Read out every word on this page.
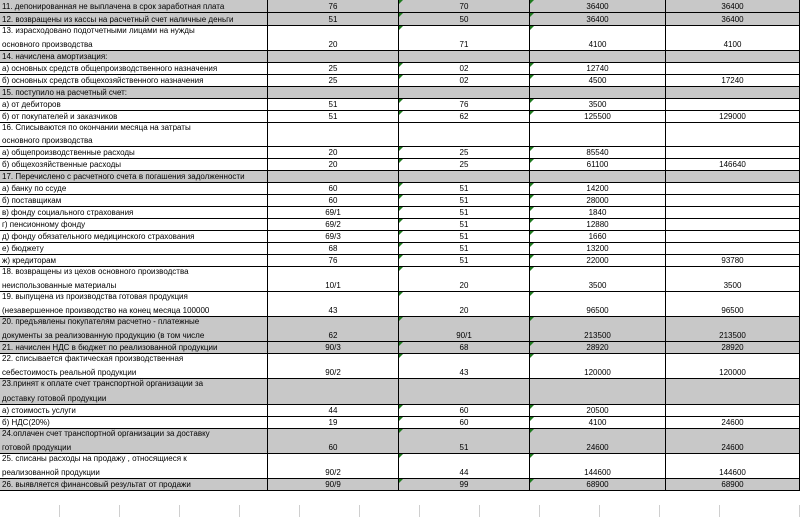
11. депонированная не выплачена в срок заработная плата	76	70	36400	36400
12. возвращены из кассы на расчетный счет наличные деньги	51	50	36400	36400
13. израсходовано подотчетными лицами на нужды
основного производства	20	71	4100	4100
14. начислена амортизация:
а) основных средств общепроизводственного назначения	25	02	12740
б) основных средств общехозяйственного назначения	25	02	4500	17240
15. поступило на расчетный счет:
а) от дебиторов	51	76	3500
б) от покупателей и заказчиков	51	62	125500	129000
16. Списываются по окончании месяца на затраты
основного производства
а) общепроизводственные расходы	20	25	85540
б) общехозяйственные расходы	20	25	61100	146640
17. Перечислено с расчетного счета в погашения задолженности
а) банку по ссуде	60	51	14200
б) поставщикам	60	51	28000
в) фонду социального страхования	69/1	51	1840
г) пенсионному фонду	69/2	51	12880
д) фонду обязательного медицинского страхования	69/3	51	1660
е) бюджету	68	51	13200
ж) кредиторам	76	51	22000	93780
18. возвращены из цехов основного производства
неиспользованные материалы	10/1	20	3500	3500
19. выпущена из производства готовая продукция
(незавершенное производство на конец месяца 100000	43	20	96500	96500
20. предъявлены покупателям расчетно - платежные
документы за реализованную продукцию (в том числе	62	90/1	213500	213500
21. начислен НДС в бюджет по реализованной продукции	90/3	68	28920	28920
22. списывается фактическая производственная
себестоимость реальной продукции	90/2	43	120000	120000
23.принят к оплате счет транспортной организации за
доставку готовой продукции
а) стоимость услуги	44	60	20500
б) НДС(20%)	19	60	4100	24600
24.оплачен счет транспортной организации за доставку
готовой продукции	60	51	24600	24600
25. списаны расходы на продажу , относящиеся к
реализованной продукции	90/2	44	144600	144600
26. выявляется финансовый результат от продажи	90/9	99	68900	68900
